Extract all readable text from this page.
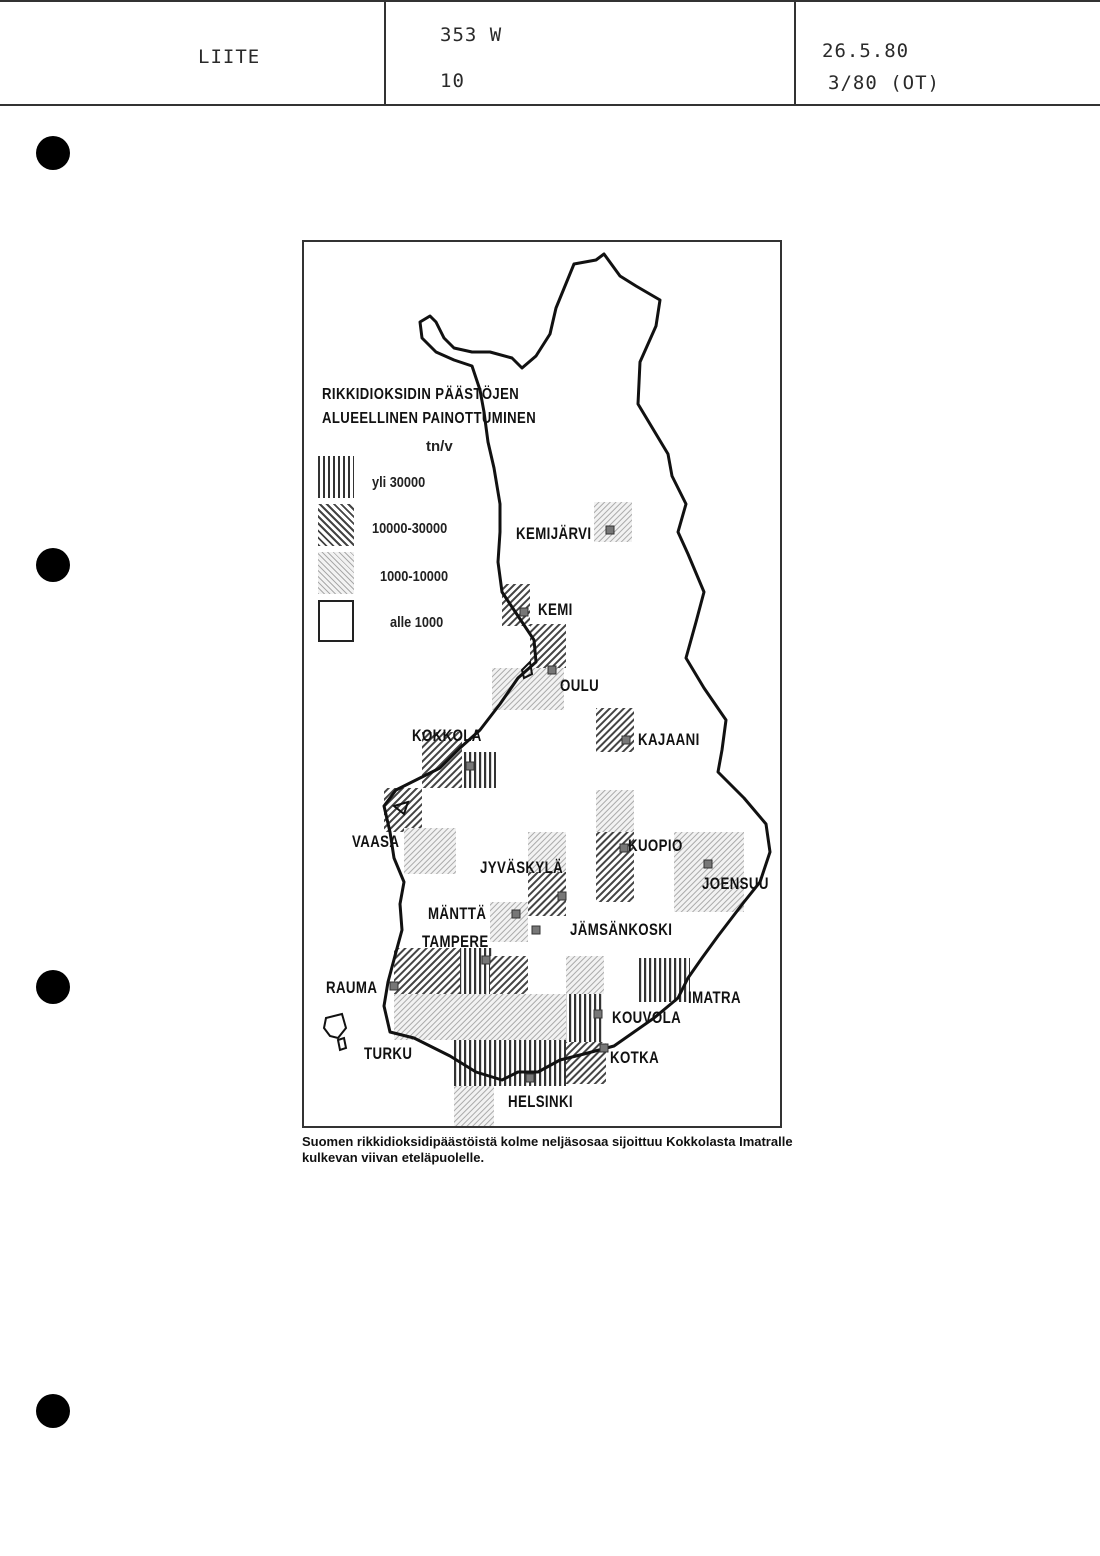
LIITE
353 W
10
26.5.80
3/80 (OT)
RIKKIDIOKSIDIN PÄÄSTÖJEN
ALUEELLINEN PAINOTTUMINEN
tn/v
yli 30000
10000-30000
1000-10000
alle 1000
KEMIJÄRVI
KEMI
OULU
KAJAANI
KOKKOLA
VAASA	KUOPIO
JYVÄSKYLÄ
JOENSUU
MÄNTTÄ
JÄMSÄNKOSKI
TAMPERE
RAUMA
IMATRA
KOUVOLA
TURKU	KOTKA
HELSINKI
Suomen rikkidioksidipäästöistä kolme neljäsosaa sijoittuu Kokkolasta Imatralle kulkevan viivan eteläpuolelle.
